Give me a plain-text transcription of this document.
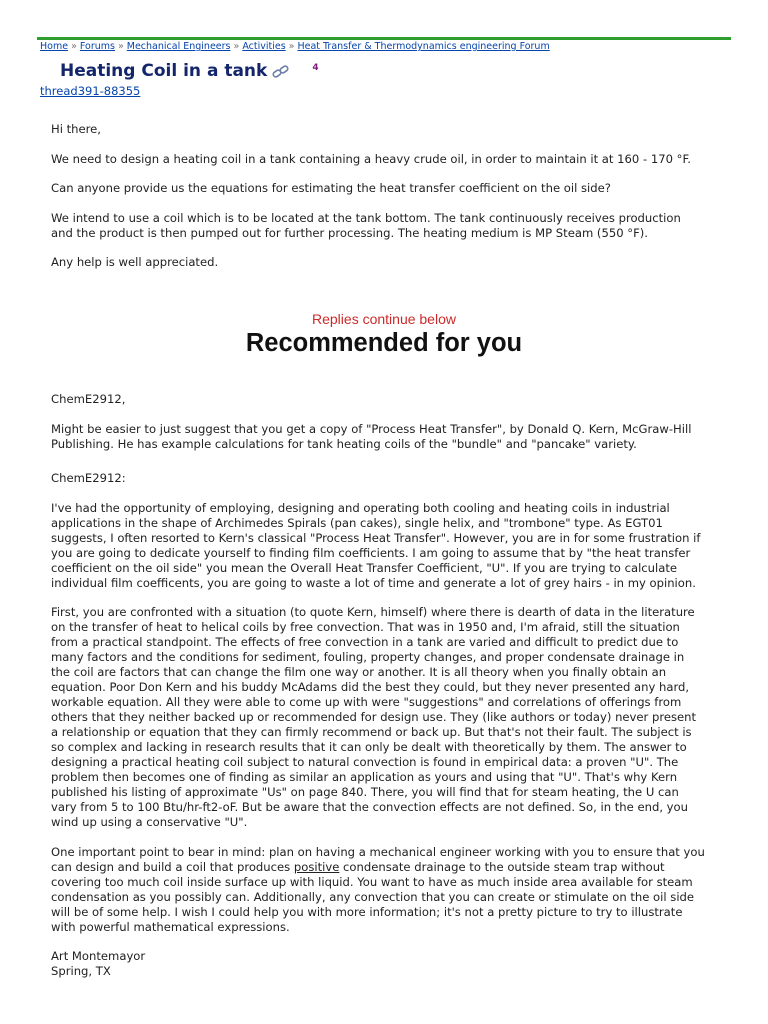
Home » Forums » Mechanical Engineers » Activities » Heat Transfer & Thermodynamics engineering Forum
Heating Coil in a tank	4
thread391-88355

Hi there,

We need to design a heating coil in a tank containing a heavy crude oil, in order to maintain it at 160 - 170 °F.

Can anyone provide us the equations for estimating the heat transfer coefficient on the oil side?

We intend to use a coil which is to be located at the tank bottom. The tank continuously receives production and the product is then pumped out for further processing. The heating medium is MP Steam (550 °F).

Any help is well appreciated.

Replies continue below
Recommended for you

ChemE2912,

Might be easier to just suggest that you get a copy of "Process Heat Transfer", by Donald Q. Kern, McGraw-Hill Publishing. He has example calculations for tank heating coils of the "bundle" and "pancake" variety.

ChemE2912:

I've had the opportunity of employing, designing and operating both cooling and heating coils in industrial applications in the shape of Archimedes Spirals (pan cakes), single helix, and "trombone" type. As EGT01 suggests, I often resorted to Kern's classical "Process Heat Transfer". However, you are in for some frustration if you are going to dedicate yourself to finding film coefficients. I am going to assume that by "the heat transfer coefficient on the oil side" you mean the Overall Heat Transfer Coefficient, "U". If you are trying to calculate individual film coefficents, you are going to waste a lot of time and generate a lot of grey hairs - in my opinion.

First, you are confronted with a situation (to quote Kern, himself) where there is dearth of data in the literature on the transfer of heat to helical coils by free convection. That was in 1950 and, I'm afraid, still the situation from a practical standpoint. The effects of free convection in a tank are varied and difficult to predict due to many factors and the conditions for sediment, fouling, property changes, and proper condensate drainage in the coil are factors that can change the film one way or another. It is all theory when you finally obtain an equation. Poor Don Kern and his buddy McAdams did the best they could, but they never presented any hard, workable equation. All they were able to come up with were "suggestions" and correlations of offerings from others that they neither backed up or recommended for design use. They (like authors or today) never present a relationship or equation that they can firmly recommend or back up. But that's not their fault. The subject is so complex and lacking in research results that it can only be dealt with theoretically by them. The answer to designing a practical heating coil subject to natural convection is found in empirical data: a proven "U". The problem then becomes one of finding as similar an application as yours and using that "U". That's why Kern published his listing of approximate "Us" on page 840. There, you will find that for steam heating, the U can vary from 5 to 100 Btu/hr-ft2-oF. But be aware that the convection effects are not defined. So, in the end, you wind up using a conservative "U".

One important point to bear in mind: plan on having a mechanical engineer working with you to ensure that you can design and build a coil that produces positive condensate drainage to the outside steam trap without covering too much coil inside surface up with liquid. You want to have as much inside area available for steam condensation as you possibly can. Additionally, any convection that you can create or stimulate on the oil side will be of some help. I wish I could help you with more information; it's not a pretty picture to try to illustrate with powerful mathematical expressions.

Art Montemayor

Spring, TX
